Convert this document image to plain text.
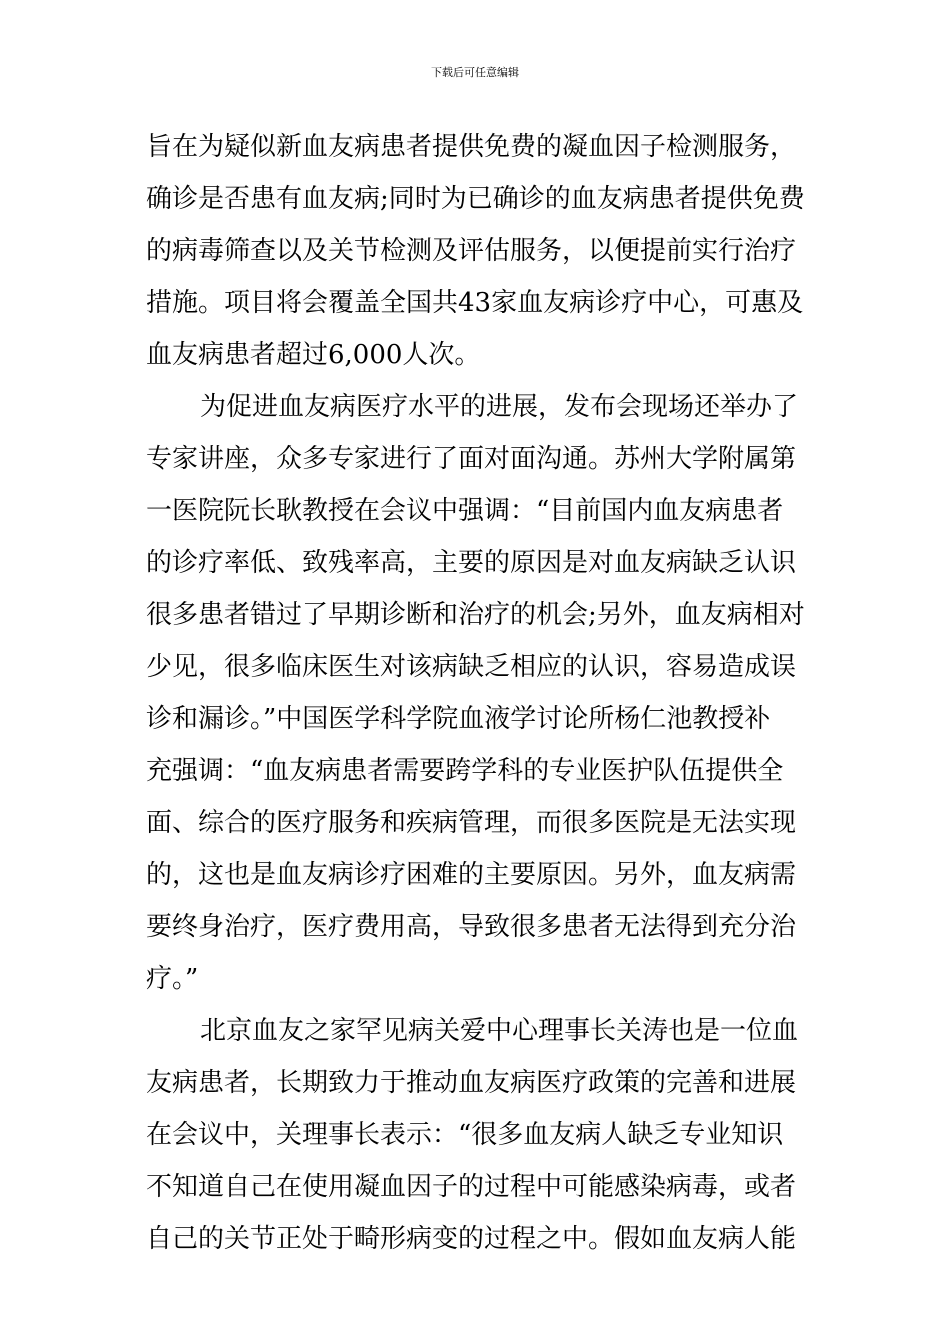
下载后可任意编辑
旨在为疑似新血友病患者提供免费的凝血因子检测服务，
确诊是否患有血友病;同时为已确诊的血友病患者提供免费
的病毒筛查以及关节检测及评估服务，以便提前实行治疗
措施。项目将会覆盖全国共43家血友病诊疗中心，可惠及
血友病患者超过6,000人次。
为促进血友病医疗水平的进展，发布会现场还举办了
专家讲座，众多专家进行了面对面沟通。苏州大学附属第
一医院阮长耿教授在会议中强调：“目前国内血友病患者
的诊疗率低、致残率高，主要的原因是对血友病缺乏认识
很多患者错过了早期诊断和治疗的机会;另外，血友病相对
少见，很多临床医生对该病缺乏相应的认识，容易造成误
诊和漏诊。”中国医学科学院血液学讨论所杨仁池教授补
充强调：“血友病患者需要跨学科的专业医护队伍提供全
面、综合的医疗服务和疾病管理，而很多医院是无法实现
的，这也是血友病诊疗困难的主要原因。另外，血友病需
要终身治疗，医疗费用高，导致很多患者无法得到充分治
疗。”
北京血友之家罕见病关爱中心理事长关涛也是一位血
友病患者，长期致力于推动血友病医疗政策的完善和进展
在会议中，关理事长表示：“很多血友病人缺乏专业知识
不知道自己在使用凝血因子的过程中可能感染病毒，或者
自己的关节正处于畸形病变的过程之中。假如血友病人能
